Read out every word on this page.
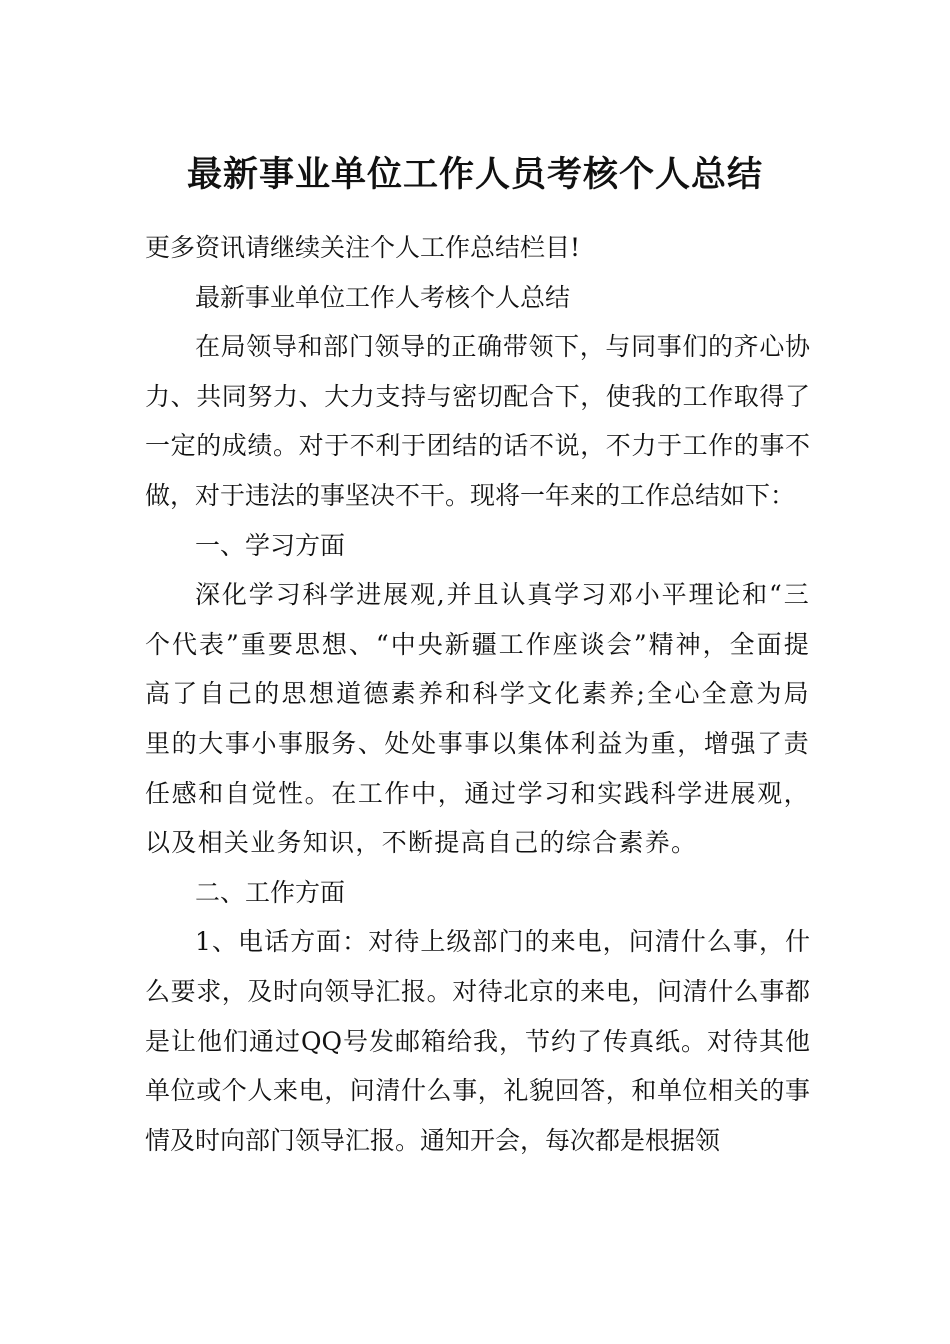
最新事业单位工作人员考核个人总结

更多资讯请继续关注个人工作总结栏目!

最新事业单位工作人考核个人总结

在局领导和部门领导的正确带领下，与同事们的齐心协力、共同努力、大力支持与密切配合下，使我的工作取得了一定的成绩。对于不利于团结的话不说，不力于工作的事不做，对于违法的事坚决不干。现将一年来的工作总结如下：

一、学习方面

深化学习科学进展观,并且认真学习邓小平理论和“三个代表”重要思想、“中央新疆工作座谈会”精神，全面提高了自己的思想道德素养和科学文化素养;全心全意为局里的大事小事服务、处处事事以集体利益为重，增强了责任感和自觉性。在工作中，通过学习和实践科学进展观，以及相关业务知识，不断提高自己的综合素养。

二、工作方面

1、电话方面：对待上级部门的来电，问清什么事，什么要求，及时向领导汇报。对待北京的来电，问清什么事都是让他们通过QQ号发邮箱给我，节约了传真纸。对待其他单位或个人来电，问清什么事，礼貌回答，和单位相关的事情及时向部门领导汇报。通知开会，每次都是根据领
